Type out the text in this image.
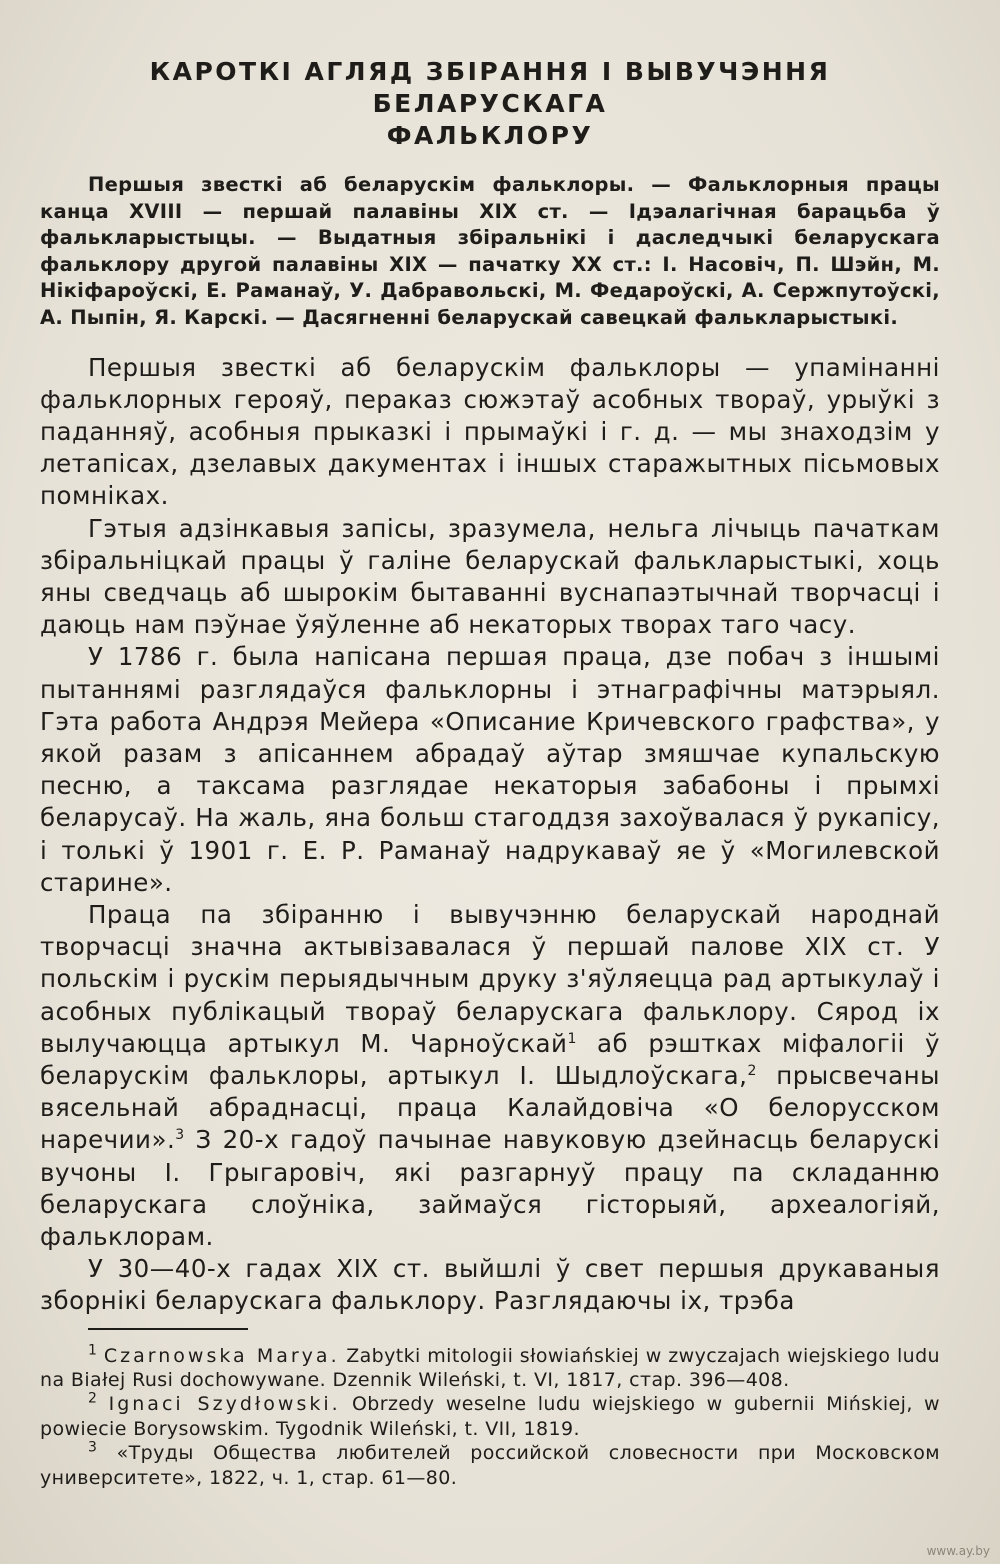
КАРОТКІ АГЛЯД ЗБІРАННЯ І ВЫВУЧЭННЯ БЕЛАРУСКАГА
ФАЛЬКЛОРУ

Першыя звесткі аб беларускім фальклоры. — Фальклорныя працы канца XVIII — першай палавіны XIX ст. — Ідэалагічная барацьба ў фалькларыстыцы. — Выдатныя збіральнікі і даследчыкі беларускага фальклору другой палавіны XIX — пачатку XX ст.: І. Насовіч, П. Шэйн, М. Нікіфароўскі, Е. Раманаў, У. Дабравольскі, М. Федароўскі, А. Сержпутоўскі, А. Пыпін, Я. Карскі. — Дасягненні беларускай савецкай фалькларыстыкі.

Першыя звесткі аб беларускім фальклоры — упамінанні фальклорных герояў, пераказ сюжэтаў асобных твораў, урыўкі з паданняў, асобныя прыказкі і прымаўкі і г. д. — мы знаходзім у летапісах, дзелавых дакументах і іншых старажытных пісьмовых помніках.

Гэтыя адзінкавыя запісы, зразумела, нельга лічыць пачаткам збіральніцкай працы ў галіне беларускай фалькларыстыкі, хоць яны сведчаць аб шырокім бытаванні вуснапаэтычнай творчасці і даюць нам пэўнае ўяўленне аб некаторых творах таго часу.

У 1786 г. была напісана першая праца, дзе побач з іншымі пытаннямі разглядаўся фальклорны і этнаграфічны матэрыял. Гэта работа Андрэя Мейера «Описание Кричевского графства», у якой разам з апісаннем абрадаў аўтар змяшчае купальскую песню, а таксама разглядае некаторыя забабоны і прымхі беларусаў. На жаль, яна больш стагоддзя захоўвалася ў рукапісу, і толькі ў 1901 г. Е. Р. Раманаў надрукаваў яе ў «Могилевской старине».

Праца па збіранню і вывучэнню беларускай народнай творчасці значна актывізавалася ў першай палове XIX ст. У польскім і рускім перыядычным друку з'яўляецца рад артыкулаў і асобных публікацый твораў беларускага фальклору. Сярод іх вылучаюцца артыкул М. Чарноўскай$^1$ аб рэштках міфалогіі ў беларускім фальклоры, артыкул І. Шыдлоўскага,$^2$ прысвечаны вясельнай абраднасці, праца Калайдовіча «О белорусском наречии».$^3$ З 20-х гадоў пачынае навуковую дзейнасць беларускі вучоны І. Грыгаровіч, які разгарнуў працу па складанню беларускага слоўніка, займаўся гісторыяй, археалогіяй, фальклорам.

У 30—40-х гадах XIX ст. выйшлі ў свет першыя друкаваныя зборнікі беларускага фальклору. Разглядаючы іх, трэба

$^1$ Czarnowska Marya. Zabytki mitologii słowiańskiej w zwyczajach wiejskiego ludu na Białej Rusi dochowywane. Dzennik Wileński, t. VI, 1817, стар. 396—408.

$^2$ Ignaci Szydłowski. Obrzedy weselne ludu wiejskiego w gubernii Mińskiej, w powiecie Borysowskim. Tygodnik Wileński, t. VII, 1819.

$^3$ «Труды Общества любителей российской словесности при Московском университете», 1822, ч. 1, стар. 61—80.

www.ay.by
